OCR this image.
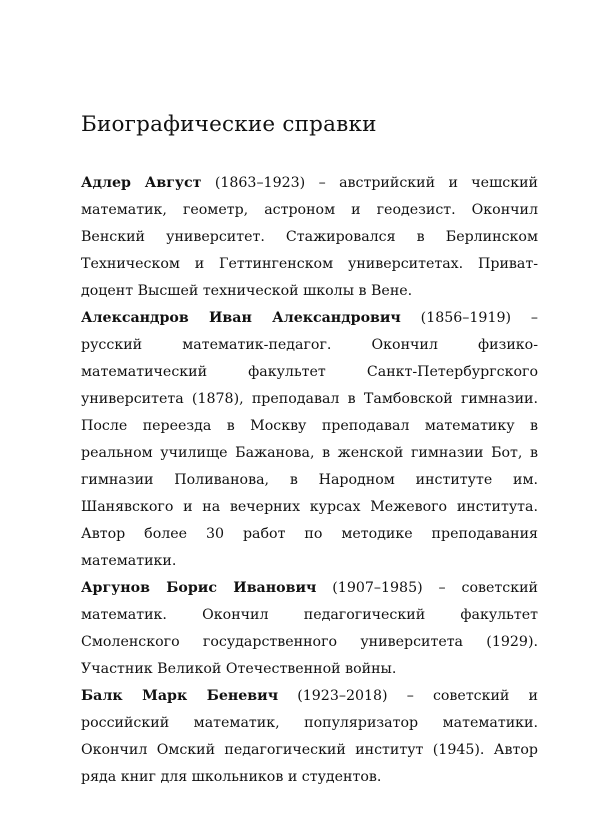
Биографические справки

Адлер Август (1863–1923) – австрийский и чешский математик, геометр, астроном и геодезист. Окончил Венский университет. Стажировался в Берлинском Техническом и Геттингенском университетах. Приват-доцент Высшей технической школы в Вене.

Александров Иван Александрович (1856–1919) – русский математик-педагог. Окончил физико-математический факультет Санкт-Петербургского университета (1878), преподавал в Тамбовской гимназии. После переезда в Москву преподавал математику в реальном училище Бажанова, в женской гимназии Бот, в гимназии Поливанова, в Народном институте им. Шанявского и на вечерних курсах Межевого института. Автор более 30 работ по методике преподавания математики.

Аргунов Борис Иванович (1907–1985) – советский математик. Окончил педагогический факультет Смоленского государственного университета (1929). Участник Великой Отечественной войны.

Балк Марк Беневич (1923–2018) – советский и российский математик, популяризатор математики. Окончил Омский педагогический институт (1945). Автор ряда книг для школьников и студентов.
